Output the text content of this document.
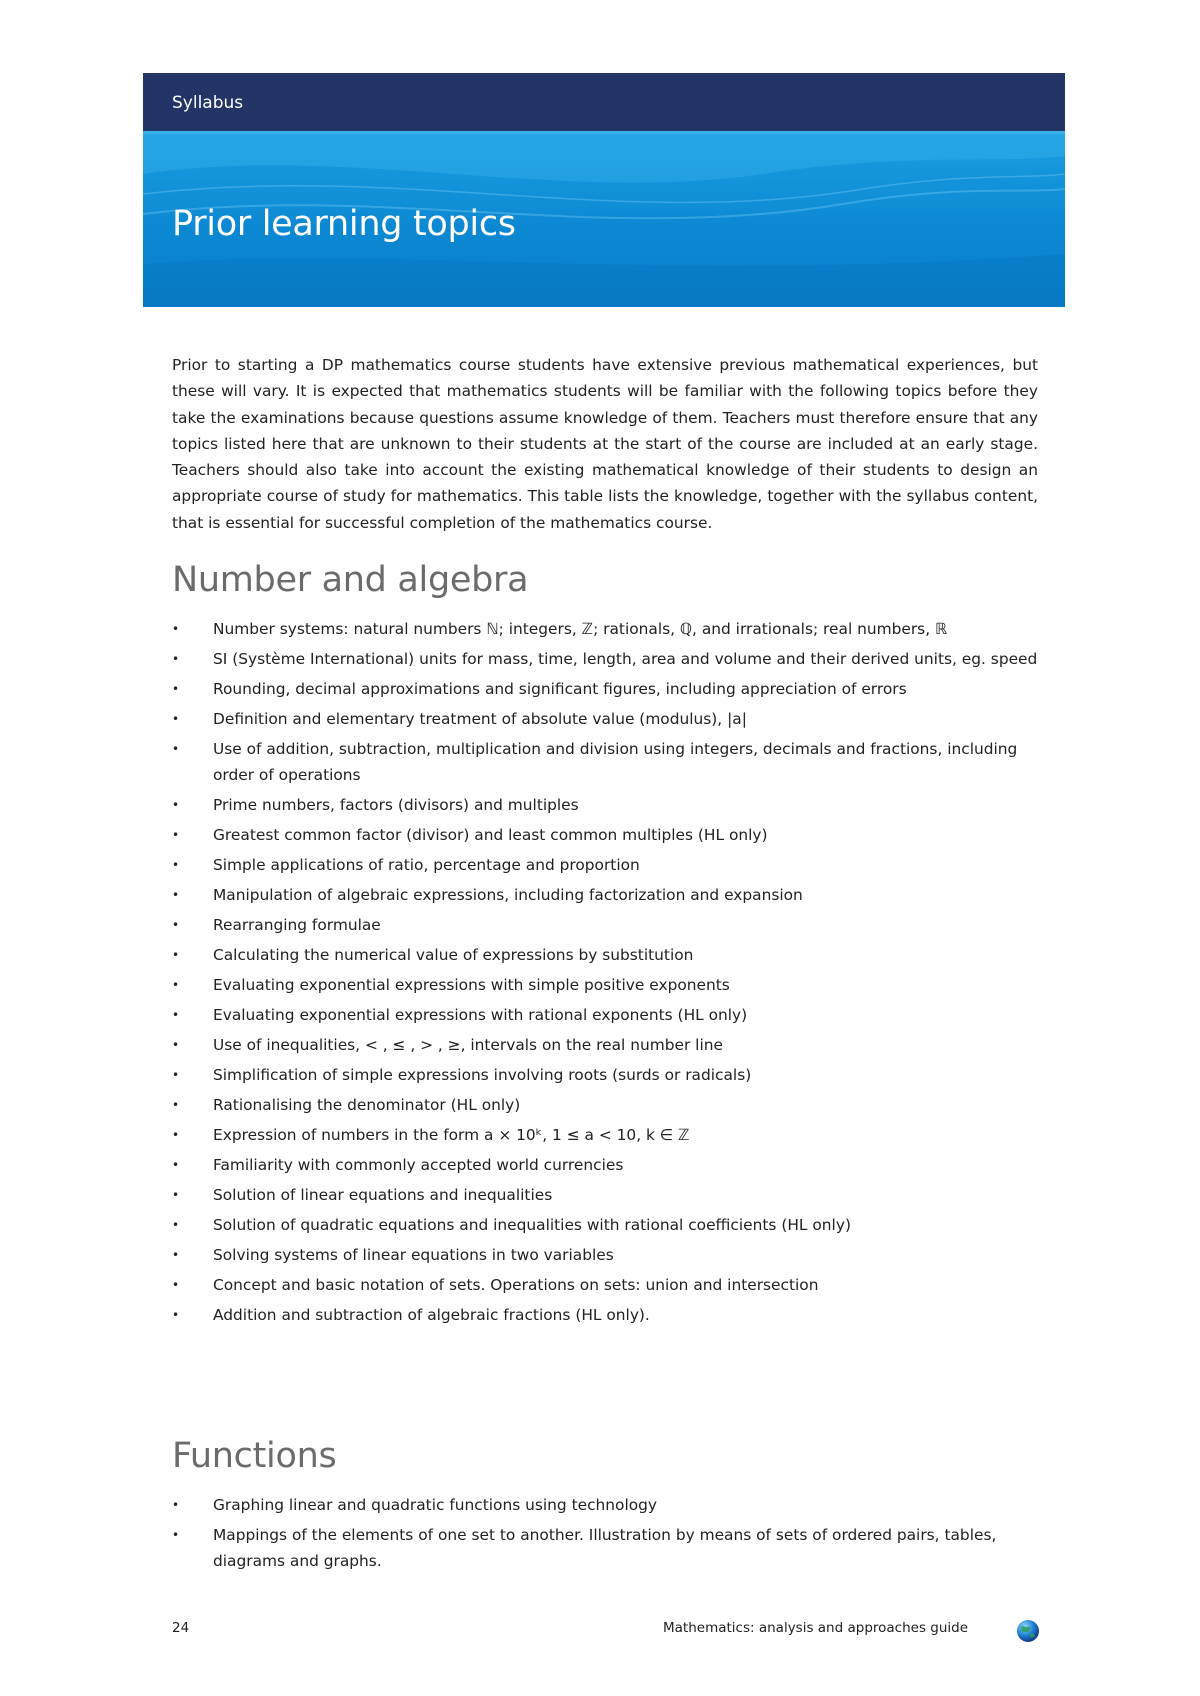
Syllabus
Prior learning topics

Prior to starting a DP mathematics course students have extensive previous mathematical experiences, but these will vary. It is expected that mathematics students will be familiar with the following topics before they take the examinations because questions assume knowledge of them. Teachers must therefore ensure that any topics listed here that are unknown to their students at the start of the course are included at an early stage. Teachers should also take into account the existing mathematical knowledge of their students to design an appropriate course of study for mathematics. This table lists the knowledge, together with the syllabus content, that is essential for successful completion of the mathematics course.

Number and algebra
• Number systems: natural numbers ℕ; integers, ℤ; rationals, ℚ, and irrationals; real numbers, ℝ
• SI (Système International) units for mass, time, length, area and volume and their derived units, eg. speed
• Rounding, decimal approximations and significant figures, including appreciation of errors
• Definition and elementary treatment of absolute value (modulus), |a|
• Use of addition, subtraction, multiplication and division using integers, decimals and fractions, including order of operations
• Prime numbers, factors (divisors) and multiples
• Greatest common factor (divisor) and least common multiples (HL only)
• Simple applications of ratio, percentage and proportion
• Manipulation of algebraic expressions, including factorization and expansion
• Rearranging formulae
• Calculating the numerical value of expressions by substitution
• Evaluating exponential expressions with simple positive exponents
• Evaluating exponential expressions with rational exponents (HL only)
• Use of inequalities, < , ≤ , > , ≥, intervals on the real number line
• Simplification of simple expressions involving roots (surds or radicals)
• Rationalising the denominator (HL only)
• Expression of numbers in the form a × 10ᵏ, 1 ≤ a < 10, k ∈ ℤ
• Familiarity with commonly accepted world currencies
• Solution of linear equations and inequalities
• Solution of quadratic equations and inequalities with rational coefficients (HL only)
• Solving systems of linear equations in two variables
• Concept and basic notation of sets. Operations on sets: union and intersection
• Addition and subtraction of algebraic fractions (HL only).
Functions
• Graphing linear and quadratic functions using technology
• Mappings of the elements of one set to another. Illustration by means of sets of ordered pairs, tables, diagrams and graphs.
24	Mathematics: analysis and approaches guide
